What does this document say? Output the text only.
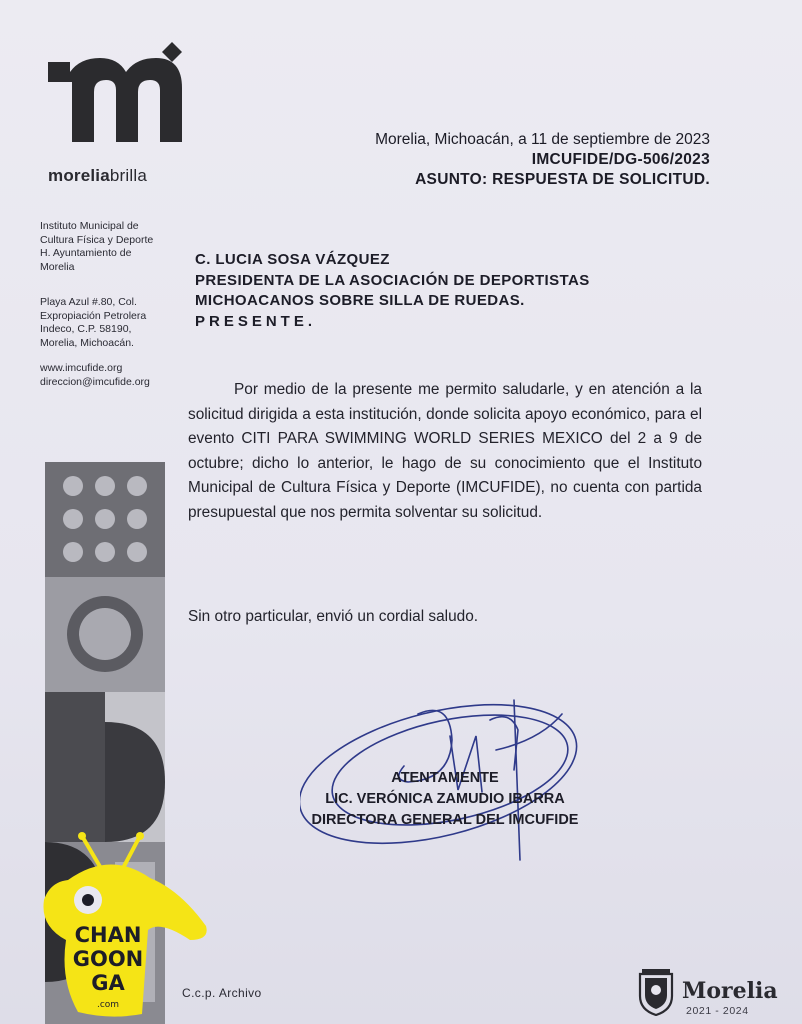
moreliabrilla
Instituto Municipal de
Cultura Física y Deporte
H. Ayuntamiento de
Morelia
Playa Azul #.80, Col.
Expropiación Petrolera
Indeco, C.P. 58190,
Morelia, Michoacán.
www.imcufide.org
direccion@imcufide.org
Morelia, Michoacán, a 11 de septiembre de 2023
IMCUFIDE/DG-506/2023
ASUNTO: RESPUESTA DE SOLICITUD.
C. LUCIA SOSA VÁZQUEZ
PRESIDENTA DE LA ASOCIACIÓN DE DEPORTISTAS
MICHOACANOS SOBRE SILLA DE RUEDAS.
PRESENTE.

Por medio de la presente me permito saludarle, y en atención a la solicitud dirigida a esta institución, donde solicita apoyo económico, para el evento CITI PARA SWIMMING WORLD SERIES MEXICO del 2 a 9 de octubre; dicho lo anterior, le hago de su conocimiento que el Instituto Municipal de Cultura Física y Deporte (IMCUFIDE), no cuenta con partida presupuestal que nos permita solventar su solicitud.

Sin otro particular, envió un cordial saludo.
ATENTAMENTE
LIC. VERÓNICA ZAMUDIO IBARRA
DIRECTORA GENERAL DEL IMCUFIDE
C.c.p. Archivo	Morelia
2021 - 2024
CHAN
GOON
GA
.com
